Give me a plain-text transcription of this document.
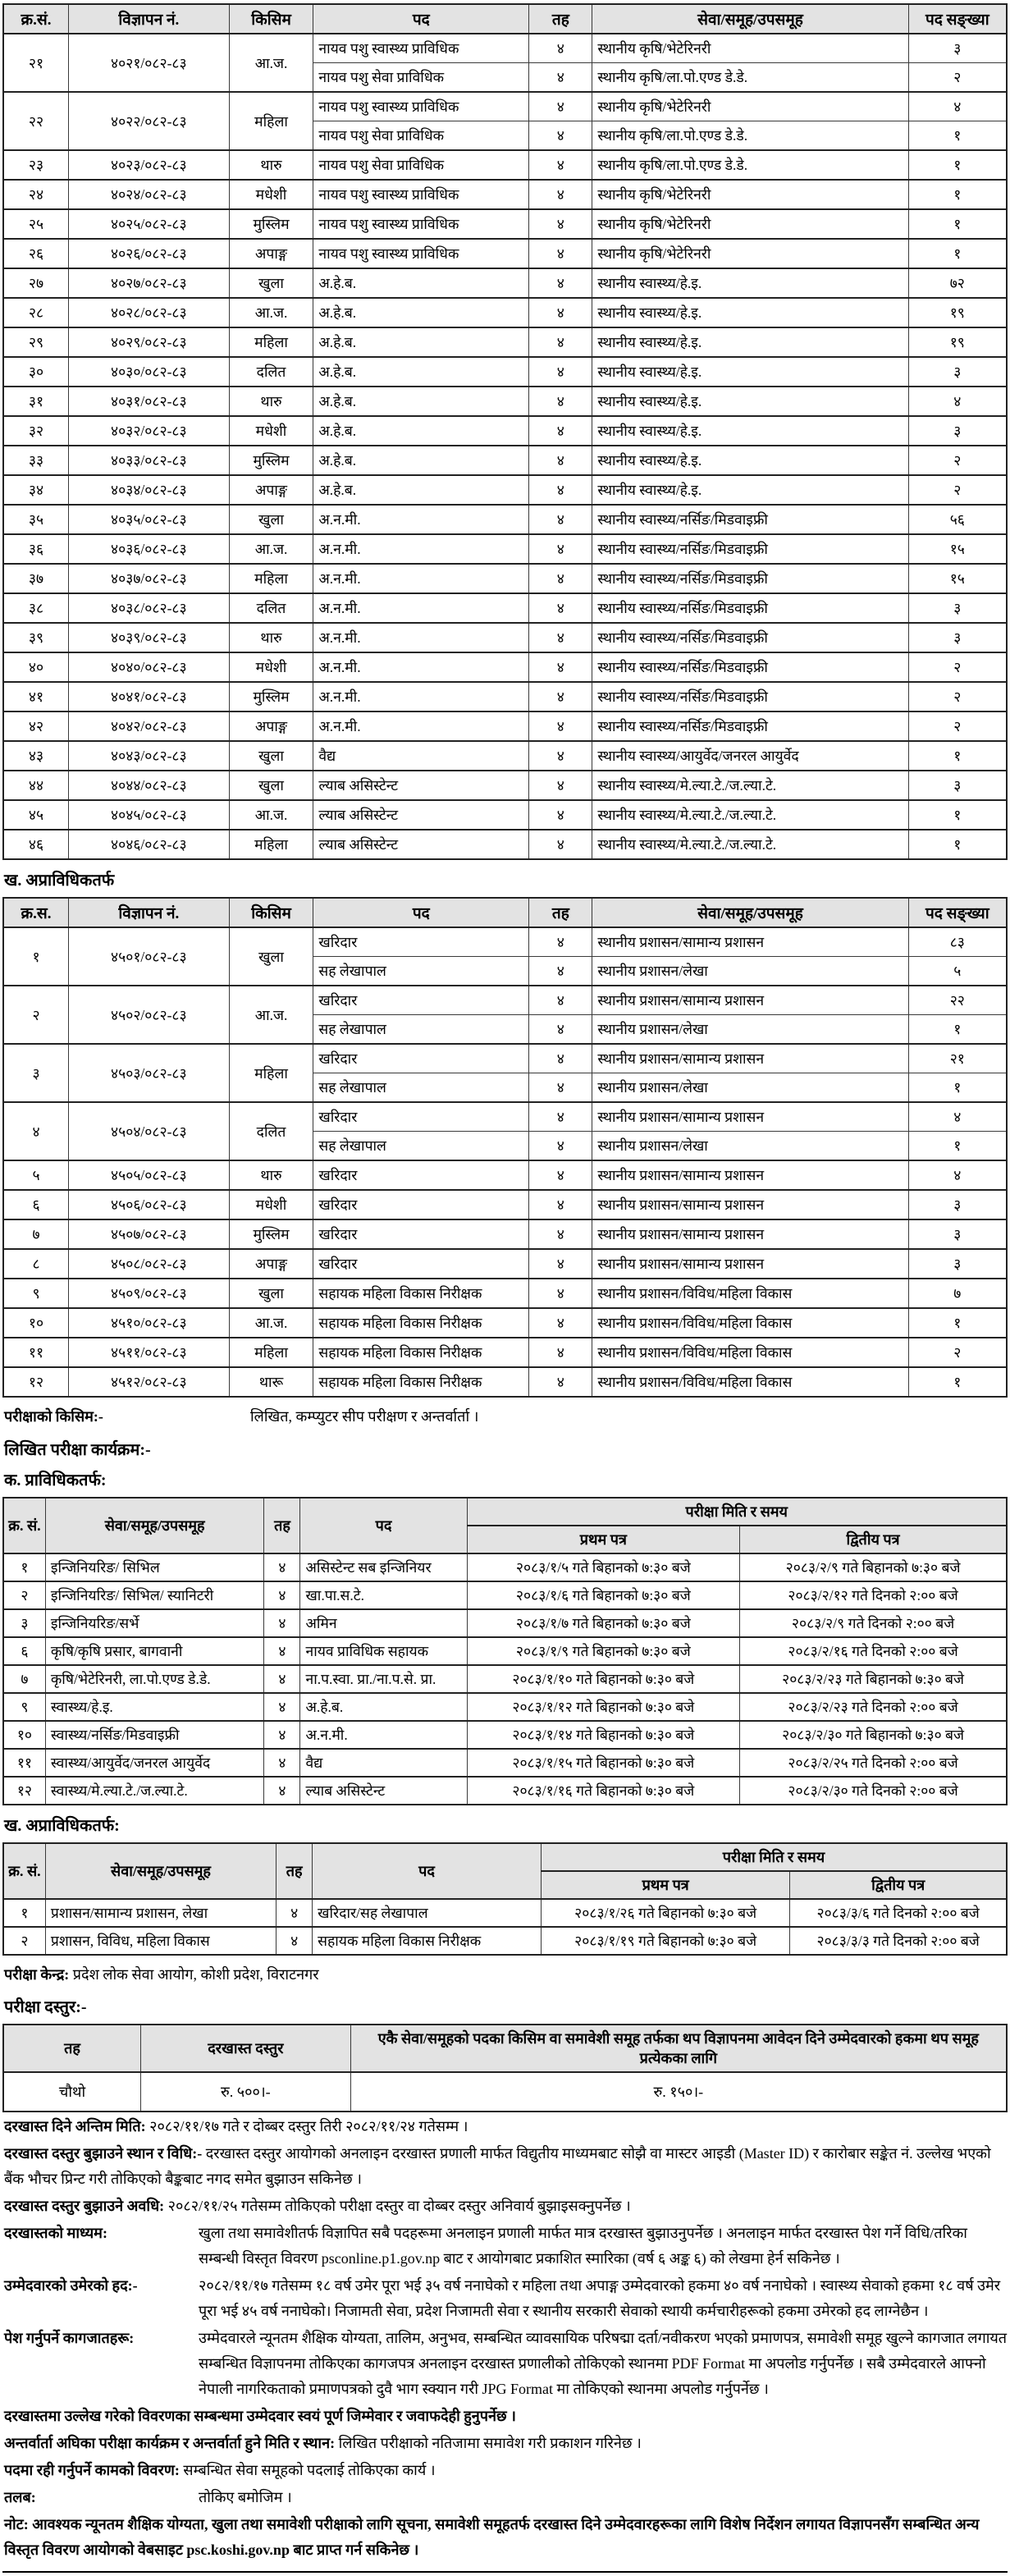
क्र.सं.	विज्ञापन नं.	किसिम	पद	तह	सेवा/समूह/उपसमूह	पद सङ्ख्या
२१	४०२१/०८२-८३	आ.ज.	नायव पशु स्वास्थ्य प्राविधिक	४	स्थानीय कृषि/भेटेरिनरी	३
			नायव पशु सेवा प्राविधिक	४	स्थानीय कृषि/ला.पो.एण्ड डे.डे.	२
२२	४०२२/०८२-८३	महिला	नायव पशु स्वास्थ्य प्राविधिक	४	स्थानीय कृषि/भेटेरिनरी	४
			नायव पशु सेवा प्राविधिक	४	स्थानीय कृषि/ला.पो.एण्ड डे.डे.	१
२३	४०२३/०८२-८३	थारु	नायव पशु सेवा प्राविधिक	४	स्थानीय कृषि/ला.पो.एण्ड डे.डे.	१
२४	४०२४/०८२-८३	मधेशी	नायव पशु स्वास्थ्य प्राविधिक	४	स्थानीय कृषि/भेटेरिनरी	१
२५	४०२५/०८२-८३	मुस्लिम	नायव पशु स्वास्थ्य प्राविधिक	४	स्थानीय कृषि/भेटेरिनरी	१
२६	४०२६/०८२-८३	अपाङ्ग	नायव पशु स्वास्थ्य प्राविधिक	४	स्थानीय कृषि/भेटेरिनरी	१
२७	४०२७/०८२-८३	खुला	अ.हे.ब.	४	स्थानीय स्वास्थ्य/हे.इ.	७२
२८	४०२८/०८२-८३	आ.ज.	अ.हे.ब.	४	स्थानीय स्वास्थ्य/हे.इ.	१९
२९	४०२९/०८२-८३	महिला	अ.हे.ब.	४	स्थानीय स्वास्थ्य/हे.इ.	१९
३०	४०३०/०८२-८३	दलित	अ.हे.ब.	४	स्थानीय स्वास्थ्य/हे.इ.	३
३१	४०३१/०८२-८३	थारु	अ.हे.ब.	४	स्थानीय स्वास्थ्य/हे.इ.	४
३२	४०३२/०८२-८३	मधेशी	अ.हे.ब.	४	स्थानीय स्वास्थ्य/हे.इ.	३
३३	४०३३/०८२-८३	मुस्लिम	अ.हे.ब.	४	स्थानीय स्वास्थ्य/हे.इ.	२
३४	४०३४/०८२-८३	अपाङ्ग	अ.हे.ब.	४	स्थानीय स्वास्थ्य/हे.इ.	२
३५	४०३५/०८२-८३	खुला	अ.न.मी.	४	स्थानीय स्वास्थ्य/नर्सिङ/मिडवाइफ्री	५६
३६	४०३६/०८२-८३	आ.ज.	अ.न.मी.	४	स्थानीय स्वास्थ्य/नर्सिङ/मिडवाइफ्री	१५
३७	४०३७/०८२-८३	महिला	अ.न.मी.	४	स्थानीय स्वास्थ्य/नर्सिङ/मिडवाइफ्री	१५
३८	४०३८/०८२-८३	दलित	अ.न.मी.	४	स्थानीय स्वास्थ्य/नर्सिङ/मिडवाइफ्री	३
३९	४०३९/०८२-८३	थारु	अ.न.मी.	४	स्थानीय स्वास्थ्य/नर्सिङ/मिडवाइफ्री	३
४०	४०४०/०८२-८३	मधेशी	अ.न.मी.	४	स्थानीय स्वास्थ्य/नर्सिङ/मिडवाइफ्री	२
४१	४०४१/०८२-८३	मुस्लिम	अ.न.मी.	४	स्थानीय स्वास्थ्य/नर्सिङ/मिडवाइफ्री	२
४२	४०४२/०८२-८३	अपाङ्ग	अ.न.मी.	४	स्थानीय स्वास्थ्य/नर्सिङ/मिडवाइफ्री	२
४३	४०४३/०८२-८३	खुला	वैद्य	४	स्थानीय स्वास्थ्य/आयुर्वेद/जनरल आयुर्वेद	१
४४	४०४४/०८२-८३	खुला	ल्याब असिस्टेन्ट	४	स्थानीय स्वास्थ्य/मे.ल्या.टे./ज.ल्या.टे.	३
४५	४०४५/०८२-८३	आ.ज.	ल्याब असिस्टेन्ट	४	स्थानीय स्वास्थ्य/मे.ल्या.टे./ज.ल्या.टे.	१
४६	४०४६/०८२-८३	महिला	ल्याब असिस्टेन्ट	४	स्थानीय स्वास्थ्य/मे.ल्या.टे./ज.ल्या.टे.	१
ख. अप्राविधिकतर्फ
क्र.स.	विज्ञापन नं.	किसिम	पद	तह	सेवा/समूह/उपसमूह	पद सङ्ख्या
१	४५०१/०८२-८३	खुला	खरिदार	४	स्थानीय प्रशासन/सामान्य प्रशासन	८३
			सह लेखापाल	४	स्थानीय प्रशासन/लेखा	५
२	४५०२/०८२-८३	आ.ज.	खरिदार	४	स्थानीय प्रशासन/सामान्य प्रशासन	२२
			सह लेखापाल	४	स्थानीय प्रशासन/लेखा	१
३	४५०३/०८२-८३	महिला	खरिदार	४	स्थानीय प्रशासन/सामान्य प्रशासन	२१
			सह लेखापाल	४	स्थानीय प्रशासन/लेखा	१
४	४५०४/०८२-८३	दलित	खरिदार	४	स्थानीय प्रशासन/सामान्य प्रशासन	४
			सह लेखापाल	४	स्थानीय प्रशासन/लेखा	१
५	४५०५/०८२-८३	थारु	खरिदार	४	स्थानीय प्रशासन/सामान्य प्रशासन	४
६	४५०६/०८२-८३	मधेशी	खरिदार	४	स्थानीय प्रशासन/सामान्य प्रशासन	३
७	४५०७/०८२-८३	मुस्लिम	खरिदार	४	स्थानीय प्रशासन/सामान्य प्रशासन	३
८	४५०८/०८२-८३	अपाङ्ग	खरिदार	४	स्थानीय प्रशासन/सामान्य प्रशासन	३
९	४५०९/०८२-८३	खुला	सहायक महिला विकास निरीक्षक	४	स्थानीय प्रशासन/विविध/महिला विकास	७
१०	४५१०/०८२-८३	आ.ज.	सहायक महिला विकास निरीक्षक	४	स्थानीय प्रशासन/विविध/महिला विकास	१
११	४५११/०८२-८३	महिला	सहायक महिला विकास निरीक्षक	४	स्थानीय प्रशासन/विविध/महिला विकास	२
१२	४५१२/०८२-८३	थारू	सहायक महिला विकास निरीक्षक	४	स्थानीय प्रशासन/विविध/महिला विकास	१
परीक्षाको किसिम:-	लिखित, कम्प्युटर सीप परीक्षण र अन्तर्वार्ता ।
लिखित परीक्षा कार्यक्रम:-
क. प्राविधिकतर्फ:
क्र. सं.	सेवा/समूह/उपसमूह	तह	पद	परीक्षा मिति र समय	
				प्रथम पत्र	द्वितीय पत्र
१	इन्जिनियरिङ/ सिभिल	४	असिस्टेन्ट सब इन्जिनियर	२०८३/१/५ गते बिहानको ७:३० बजे	२०८३/२/९ गते बिहानको ७:३० बजे
२	इन्जिनियरिङ/ सिभिल/ स्यानिटरी	४	खा.पा.स.टे.	२०८३/१/६ गते बिहानको ७:३० बजे	२०८३/२/१२ गते दिनको २:०० बजे
३	इन्जिनियरिङ/सर्भे	४	अमिन	२०८३/१/७ गते बिहानको ७:३० बजे	२०८३/२/९ गते दिनको २:०० बजे
६	कृषि/कृषि प्रसार, बागवानी	४	नायव प्राविधिक सहायक	२०८३/१/९ गते बिहानको ७:३० बजे	२०८३/२/१६ गते दिनको २:०० बजे
७	कृषि/भेटेरिनरी, ला.पो.एण्ड डे.डे.	४	ना.प.स्वा. प्रा./ना.प.से. प्रा.	२०८३/१/१० गते बिहानको ७:३० बजे	२०८३/२/२३ गते बिहानको ७:३० बजे
९	स्वास्थ्य/हे.इ.	४	अ.हे.ब.	२०८३/१/१२ गते बिहानको ७:३० बजे	२०८३/२/२३ गते दिनको २:०० बजे
१०	स्वास्थ्य/नर्सिङ/मिडवाइफ्री	४	अ.न.मी.	२०८३/१/१४ गते बिहानको ७:३० बजे	२०८३/२/३० गते बिहानको ७:३० बजे
११	स्वास्थ्य/आयुर्वेद/जनरल आयुर्वेद	४	वैद्य	२०८३/१/१५ गते बिहानको ७:३० बजे	२०८३/२/२५ गते दिनको २:०० बजे
१२	स्वास्थ्य/मे.ल्या.टे./ज.ल्या.टे.	४	ल्याब असिस्टेन्ट	२०८३/१/१६ गते बिहानको ७:३० बजे	२०८३/२/३० गते दिनको २:०० बजे
ख. अप्राविधिकतर्फ:
क्र. सं.	सेवा/समूह/उपसमूह	तह	पद	परीक्षा मिति र समय	
				प्रथम पत्र	द्वितीय पत्र
१	प्रशासन/सामान्य प्रशासन, लेखा	४	खरिदार/सह लेखापाल	२०८३/१/२६ गते बिहानको ७:३० बजे	२०८३/३/६ गते दिनको २:०० बजे
२	प्रशासन, विविध, महिला विकास	४	सहायक महिला विकास निरीक्षक	२०८३/१/१९ गते बिहानको ७:३० बजे	२०८३/३/३ गते दिनको २:०० बजे
परीक्षा केन्द्र: प्रदेश लोक सेवा आयोग, कोशी प्रदेश, विराटनगर
परीक्षा दस्तुर:-
तह	दरखास्त दस्तुर	एकै सेवा/समूहको पदका किसिम वा समावेशी समूह तर्फका थप विज्ञापनमा आवेदन दिने उम्मेदवारको हकमा थप समूह प्रत्येकका लागि
चौथो	रु. ५००।-	रु. १५०।-
दरखास्त दिने अन्तिम मिति: २०८२/११/१७ गते र दोब्बर दस्तुर तिरी २०८२/११/२४ गतेसम्म ।
दरखास्त दस्तुर बुझाउने स्थान र विधि:- दरखास्त दस्तुर आयोगको अनलाइन दरखास्त प्रणाली मार्फत विद्युतीय माध्यमबाट सोझै वा मास्टर आइडी (Master ID) र कारोबार सङ्केत नं. उल्लेख भएको बैंक भौचर प्रिन्ट गरी तोकिएको बैङ्कबाट नगद समेत बुझाउन सकिनेछ ।
दरखास्त दस्तुर बुझाउने अवधि: २०८२/११/२५ गतेसम्म तोकिएको परीक्षा दस्तुर वा दोब्बर दस्तुर अनिवार्य बुझाइसक्नुपर्नेछ ।
दरखास्तको माध्यम:	खुला तथा समावेशीतर्फ विज्ञापित सबै पदहरूमा अनलाइन प्रणाली मार्फत मात्र दरखास्त बुझाउनुपर्नेछ । अनलाइन मार्फत दरखास्त पेश गर्ने विधि/तरिका सम्बन्धी विस्तृत विवरण psconline.p1.gov.np बाट र आयोगबाट प्रकाशित स्मारिका (वर्ष ६ अङ्क ६) को लेखमा हेर्न सकिनेछ ।
उम्मेदवारको उमेरको हद:-	२०८२/११/१७ गतेसम्म १८ वर्ष उमेर पूरा भई ३५ वर्ष ननाघेको र महिला तथा अपाङ्ग उम्मेदवारको हकमा ४० वर्ष ननाघेको । स्वास्थ्य सेवाको हकमा १८ वर्ष उमेर पूरा भई ४५ वर्ष ननाघेको। निजामती सेवा, प्रदेश निजामती सेवा र स्थानीय सरकारी सेवाको स्थायी कर्मचारीहरूको हकमा उमेरको हद लाग्नेछैन ।
पेश गर्नुपर्ने कागजातहरू:	उम्मेदवारले न्यूनतम शैक्षिक योग्यता, तालिम, अनुभव, सम्बन्धित व्यावसायिक परिषद्मा दर्ता/नवीकरण भएको प्रमाणपत्र, समावेशी समूह खुल्ने कागजात लगायत सम्बन्धित विज्ञापनमा तोकिएका कागजपत्र अनलाइन दरखास्त प्रणालीको तोकिएको स्थानमा PDF Format मा अपलोड गर्नुपर्नेछ । सबै उम्मेदवारले आफ्नो नेपाली नागरिकताको प्रमाणपत्रको दुवै भाग स्क्यान गरी JPG Format मा तोकिएको स्थानमा अपलोड गर्नुपर्नेछ ।
दरखास्तमा उल्लेख गरेको विवरणका सम्बन्धमा उम्मेदवार स्वयं पूर्ण जिम्मेवार र जवाफदेही हुनुपर्नेछ ।
अन्तर्वार्ता अघिका परीक्षा कार्यक्रम र अन्तर्वार्ता हुने मिति र स्थान: लिखित परीक्षाको नतिजामा समावेश गरी प्रकाशन गरिनेछ ।
पदमा रही गर्नुपर्ने कामको विवरण: सम्बन्धित सेवा समूहको पदलाई तोकिएका कार्य ।
तलब:	तोकिए बमोजिम ।
नोट: आवश्यक न्यूनतम शैक्षिक योग्यता, खुला तथा समावेशी परीक्षाको लागि सूचना, समावेशी समूहतर्फ दरखास्त दिने उम्मेदवारहरूका लागि विशेष निर्देशन लगायत विज्ञापनसँग सम्बन्धित अन्य विस्तृत विवरण आयोगको वेबसाइट psc.koshi.gov.np बाट प्राप्त गर्न सकिनेछ ।
